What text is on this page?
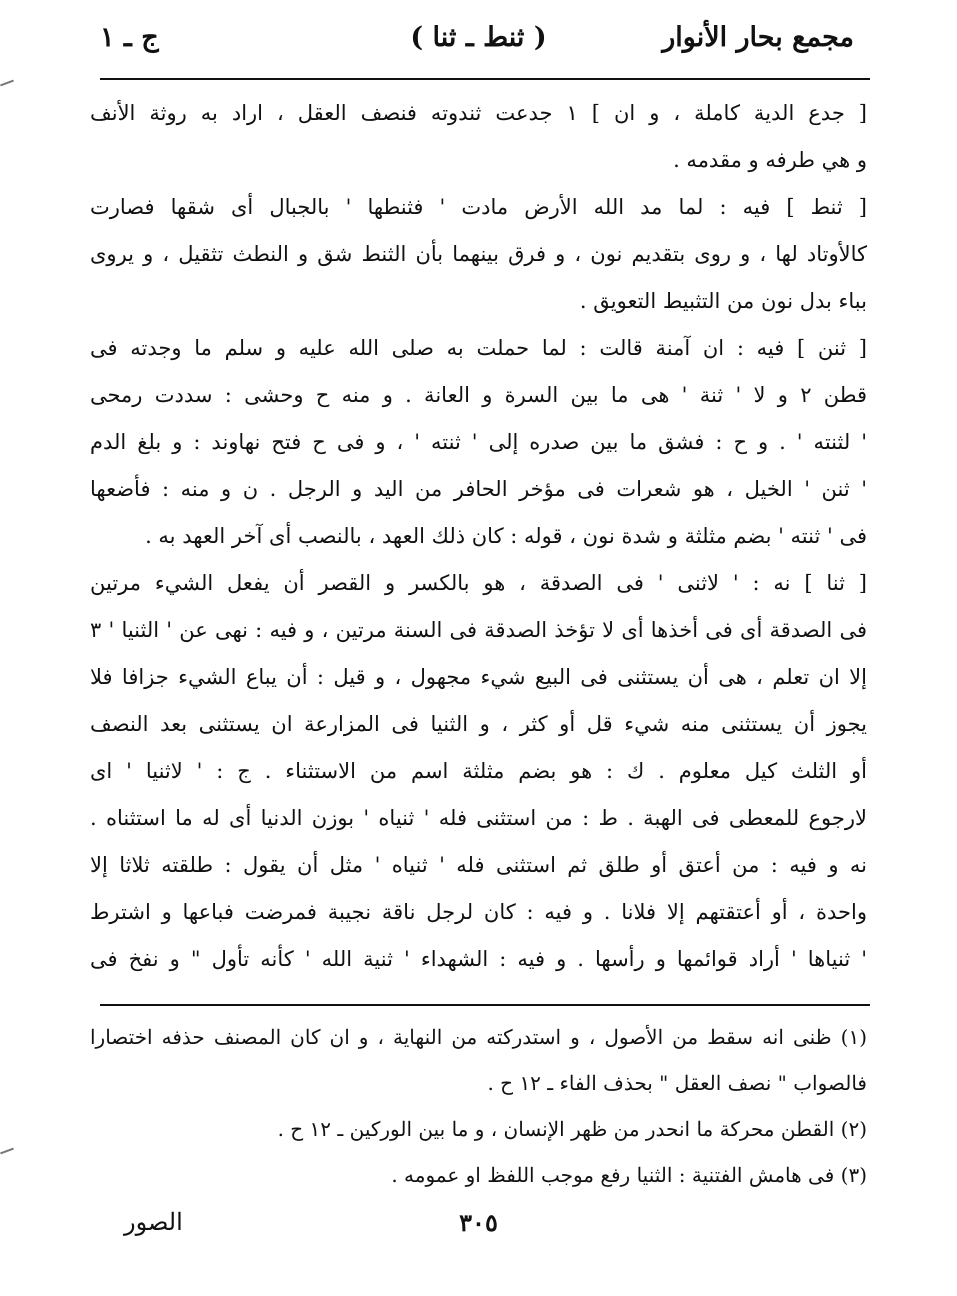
مجمع بحار الأنوار
( ثنط ـ ثنا )
ج ـ ١
[ جدع الدية كاملة ، و ان ] ١ جدعت ثندوته فنصف العقل ، اراد به روثة الأنف
و هي طرفه و مقدمه .
[ ثنط ] فيه : لما مد الله الأرض مادت ' فثنطها ' بالجبال أى شقها فصارت
كالأوتاد لها ، و روى بتقديم نون ، و فرق بينهما بأن الثنط شق و النطث تثقيل ، و يروى
بباء بدل نون من التثبيط التعويق .
[ ثنن ] فيه : ان آمنة قالت : لما حملت به صلى الله عليه و سلم ما وجدته فى
قطن ٢ و لا ' ثنة ' هى ما بين السرة و العانة . و منه ح وحشى : سددت رمحى
' لثنته ' . و ح : فشق ما بين صدره إلى ' ثنته ' ، و فى ح فتح نهاوند : و بلغ الدم
' ثنن ' الخيل ، هو شعرات فى مؤخر الحافر من اليد و الرجل . ن و منه : فأضعها
فى ' ثنته ' بضم مثلثة و شدة نون ، قوله : كان ذلك العهد ، بالنصب أى آخر العهد به .
[ ثنا ] نه : ' لاثنى ' فى الصدقة ، هو بالكسر و القصر أن يفعل الشيء مرتين
فى الصدقة أى فى أخذها أى لا تؤخذ الصدقة فى السنة مرتين ، و فيه : نهى عن ' الثنيا ' ٣
إلا ان تعلم ، هى أن يستثنى فى البيع شيء مجهول ، و قيل : أن يباع الشيء جزافا فلا
يجوز أن يستثنى منه شيء قل أو كثر ، و الثنيا فى المزارعة ان يستثنى بعد النصف
أو الثلث كيل معلوم . ك : هو بضم مثلثة اسم من الاستثناء . ج : ' لاثنيا ' اى
لارجوع للمعطى فى الهبة . ط : من استثنى فله ' ثنياه ' بوزن الدنيا أى له ما استثناه .
نه و فيه : من أعتق أو طلق ثم استثنى فله ' ثنياه ' مثل أن يقول : طلقته ثلاثا إلا
واحدة ، أو أعتقتهم إلا فلانا . و فيه : كان لرجل ناقة نجيبة فمرضت فباعها و اشترط
' ثنياها ' أراد قوائمها و رأسها . و فيه : الشهداء ' ثنية الله ' كأنه تأول " و نفخ فى
(١) ظنى انه سقط من الأصول ، و استدركته من النهاية ، و ان كان المصنف حذفه اختصارا
فالصواب " نصف العقل " بحذف الفاء ـ ١٢ ح .
(٢) القطن محركة ما انحدر من ظهر الإنسان ، و ما بين الوركين ـ ١٢ ح .
(٣) فى هامش الفتنية : الثنيا رفع موجب اللفظ او عمومه .
٣٠٥
الصور
